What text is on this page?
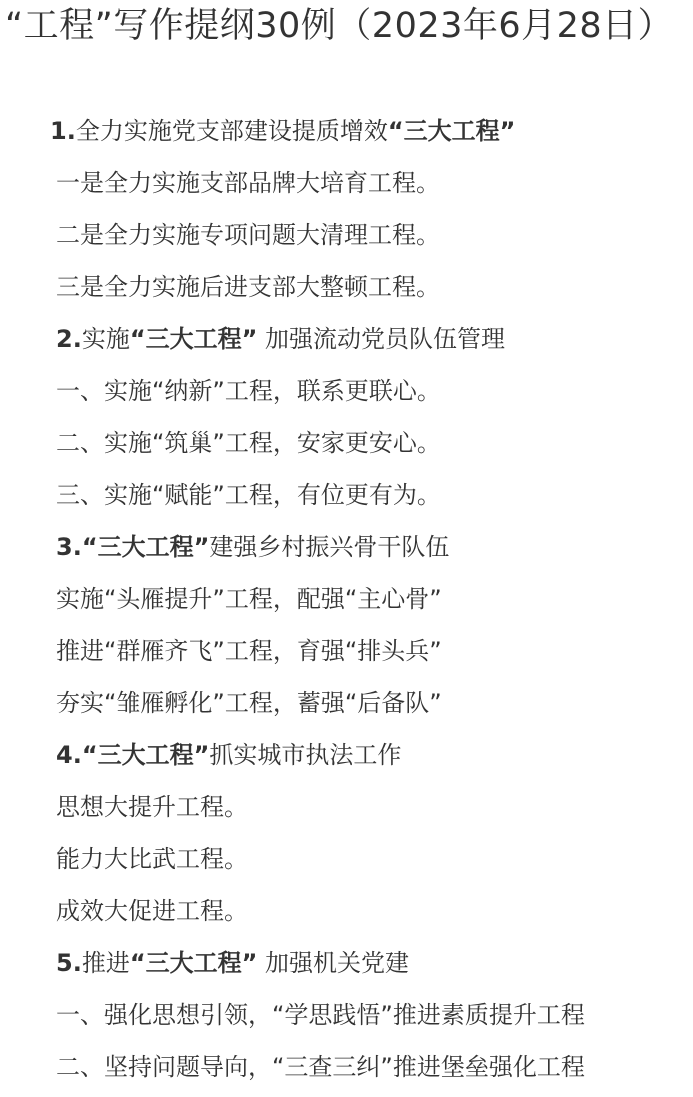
“工程”写作提纲30例（2023年6月28日）
1.全力实施党支部建设提质增效“三大工程”
一是全力实施支部品牌大培育工程。
二是全力实施专项问题大清理工程。
三是全力实施后进支部大整顿工程。
2.实施“三大工程” 加强流动党员队伍管理
一、实施“纳新”工程，联系更联心。
二、实施“筑巢”工程，安家更安心。
三、实施“赋能”工程，有位更有为。
3.“三大工程”建强乡村振兴骨干队伍
实施“头雁提升”工程，配强“主心骨”
推进“群雁齐飞”工程，育强“排头兵”
夯实“雏雁孵化”工程，蓄强“后备队”
4.“三大工程”抓实城市执法工作
思想大提升工程。
能力大比武工程。
成效大促进工程。
5.推进“三大工程” 加强机关党建
一、强化思想引领，“学思践悟”推进素质提升工程
二、坚持问题导向，“三查三纠”推进堡垒强化工程
